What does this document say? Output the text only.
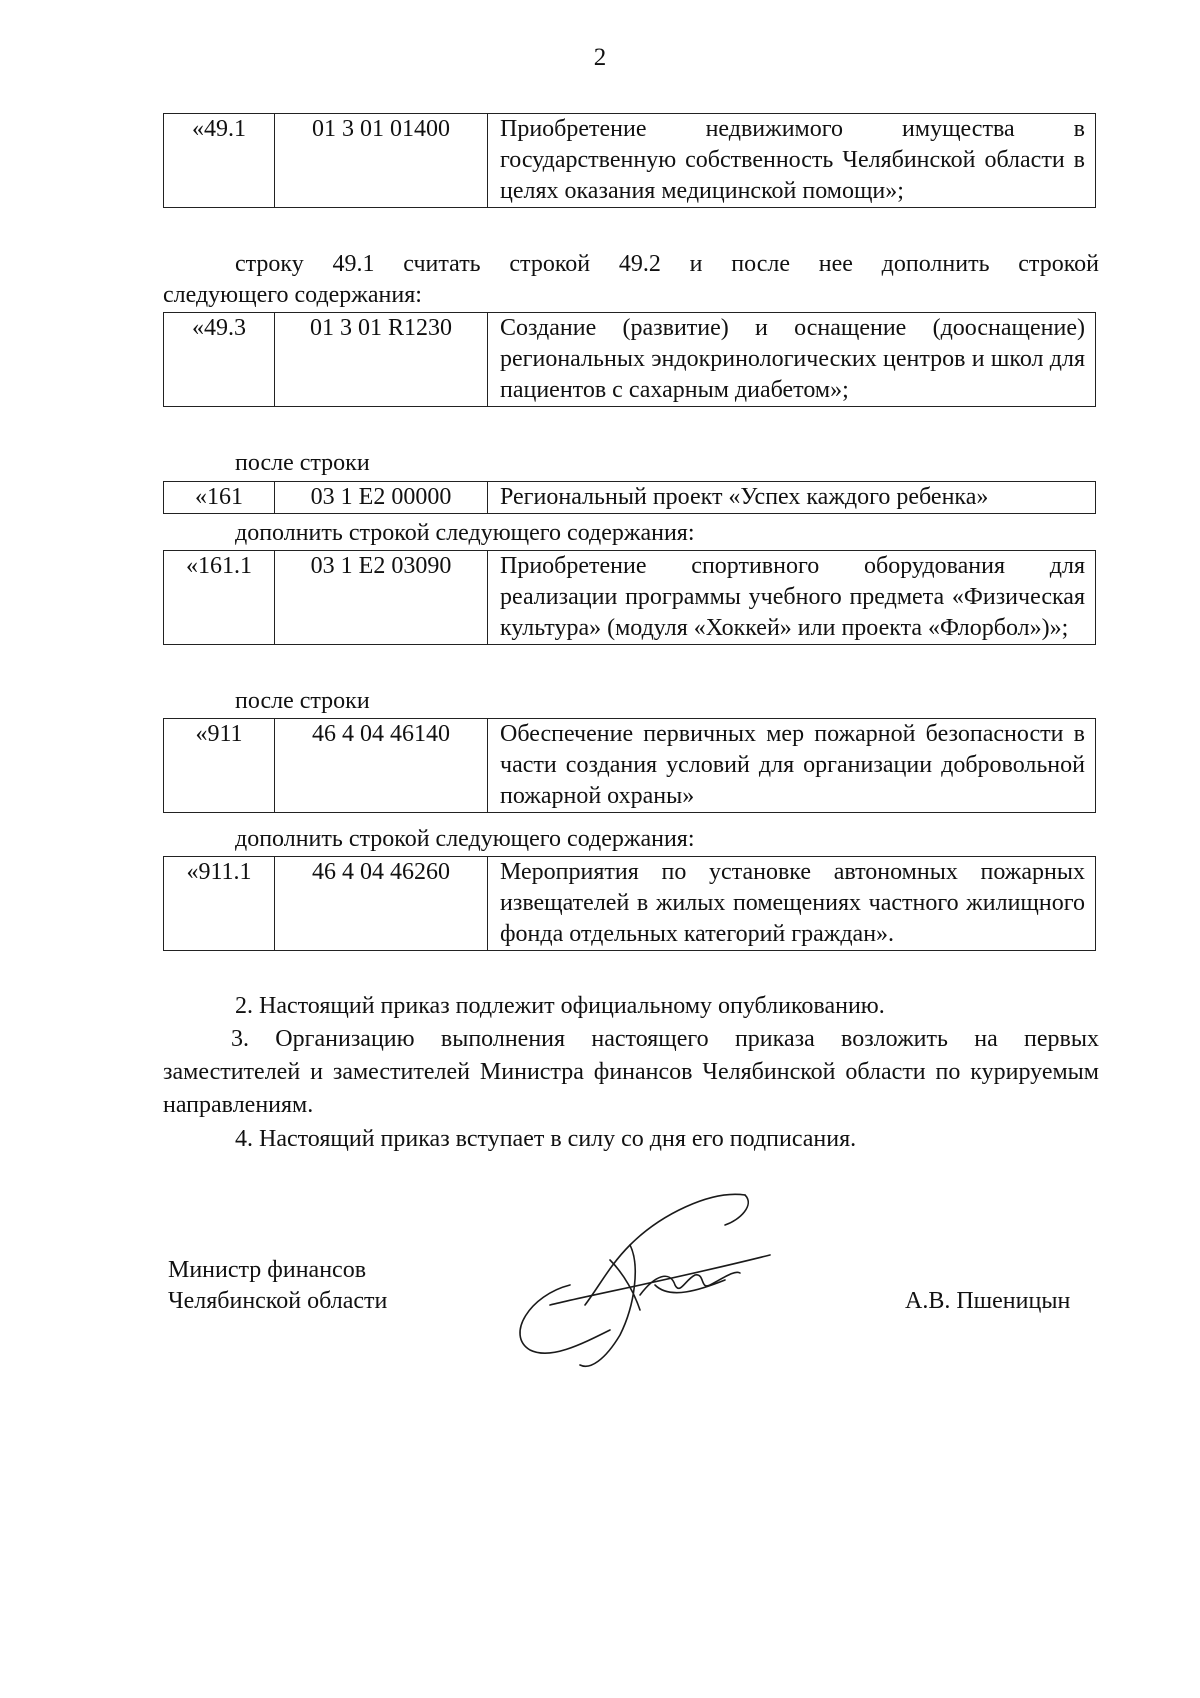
2
«49.1	01 3 01 01400	Приобретение недвижимого имущества в государственную собственность Челябинской области в целях оказания медицинской помощи»;
строку 49.1 считать строкой 49.2 и после нее дополнить строкой
следующего содержания:
«49.3	01 3 01 R1230	Создание (развитие) и оснащение (дооснащение) региональных эндокринологических центров и школ для пациентов с сахарным диабетом»;
после строки
«161	03 1 E2 00000	Региональный проект «Успех каждого ребенка»
дополнить строкой следующего содержания:
«161.1	03 1 E2 03090	Приобретение спортивного оборудования для реализации программы учебного предмета «Физическая культура» (модуля «Хоккей» или проекта «Флорбол»)»;
после строки
«911	46 4 04 46140	Обеспечение первичных мер пожарной безопасности в части создания условий для организации добровольной пожарной охраны»
дополнить строкой следующего содержания:
«911.1	46 4 04 46260	Мероприятия по установке автономных пожарных извещателей в жилых помещениях частного жилищного фонда отдельных категорий граждан».
2. Настоящий приказ подлежит официальному опубликованию.
3. Организацию выполнения настоящего приказа возложить на первых заместителей и заместителей Министра финансов Челябинской области по курируемым направлениям.
4. Настоящий приказ вступает в силу со дня его подписания.
Министр финансов
Челябинской области	А.В. Пшеницын
